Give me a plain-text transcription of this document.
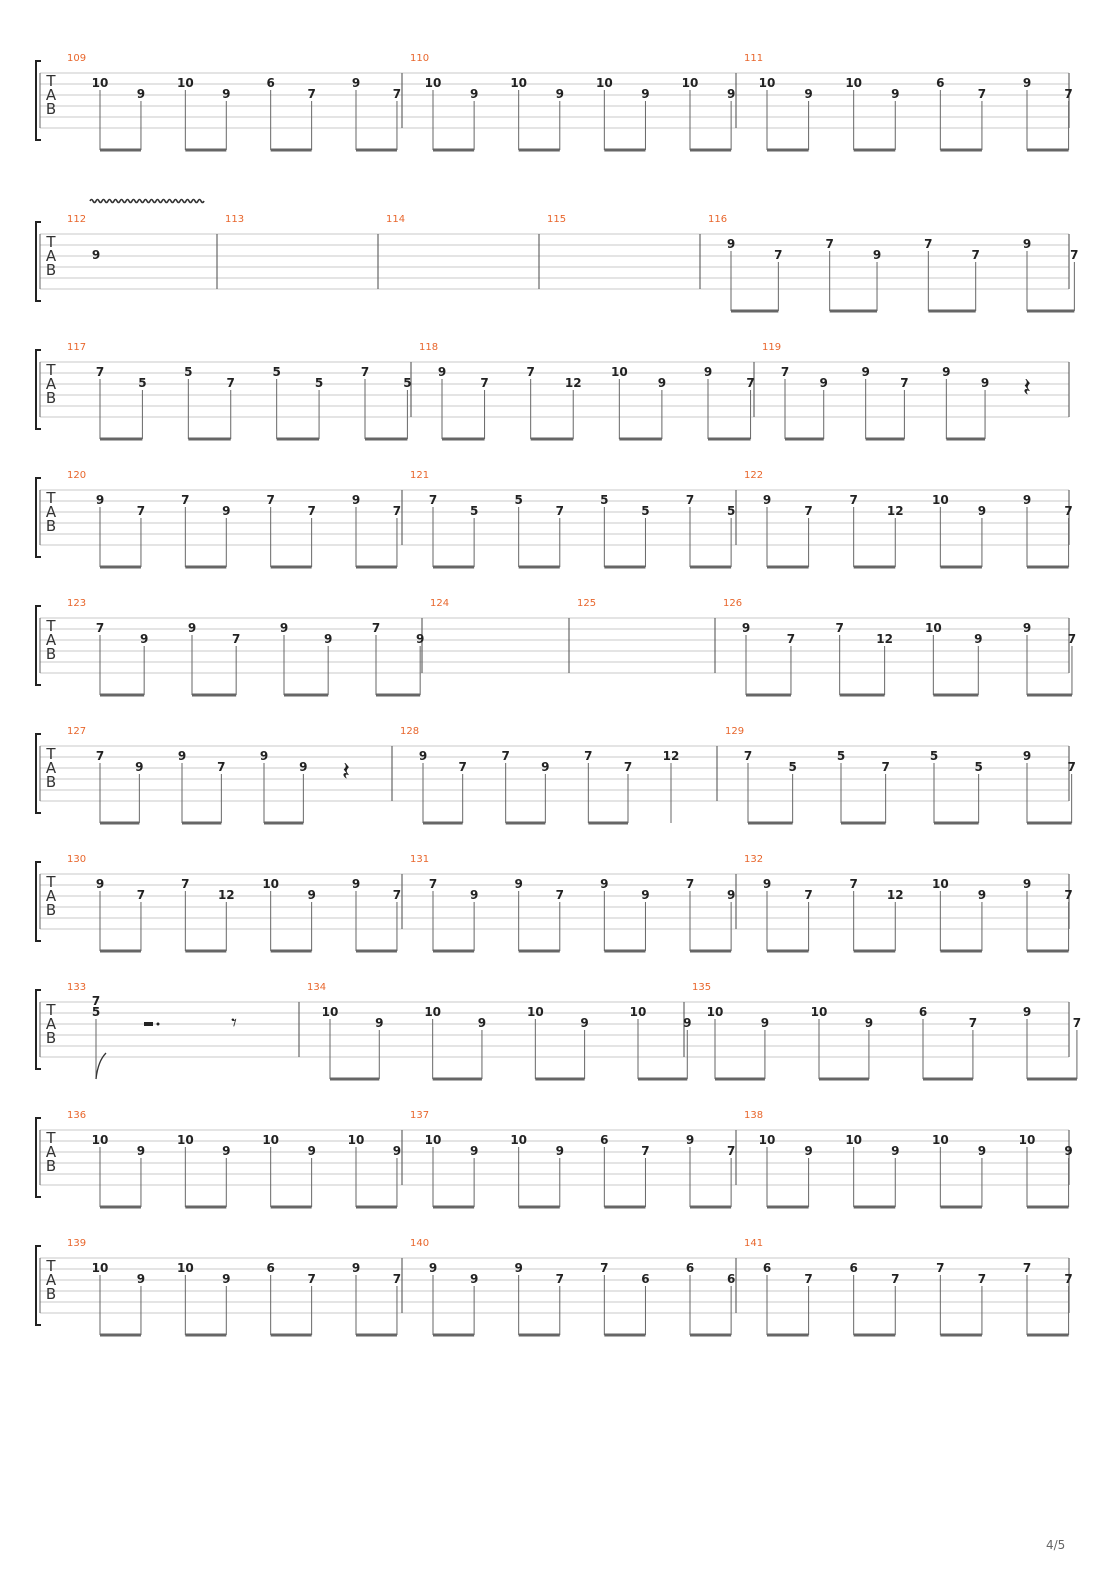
T
A
B
109
10
9
10
9
6
7
9
7
110
10
9
10
9
10
9
10
9
111
10
9
10
9
6
7
9
7
T
A
B
112
9
113	114	115	116
9
7
7
9
7
7
9
7
T
A
B
117
7
5
5
7
5
5
7
5
118
9
7
7
12
10
9
9
7
119
7
9
9
7
9
9 𝄽
T
A
B
120
9
7
7
9
7
7
9
7
121
7
5
5
7
5
5
7
5
122
9
7
7
12
10
9
9
7
T
A
B
123
7
9
9
7
9
9
7
9
124	125	126
9
7
7
12
10
9
9
7
T
A
B
127
7
9
9
7
9
9 𝄽
128
9
7
7
9
7
7
12
129
7
5
5
7
5
5
9
7
T
A
B
130
9
7
7
12
10
9
9
7
131
7
9
9
7
9
9
7
9
132
9
7
7
12
10
9
9
7
T
A
B
133
7
5	𝄾
134
10
9
10
9
10
9
10
9
135
10
9
10
9
6
7
9
7
T
A
B
136
10
9
10
9
10
9
10
9
137
10
9
10
9
6
7
9
7
138
10
9
10
9
10
9
10
9
T
A
B
139
10
9
10
9
6
7
9
7
140
9
9
9
7
7
6
6
6
141
6
7
6
7
7
7
7
7
4/5
